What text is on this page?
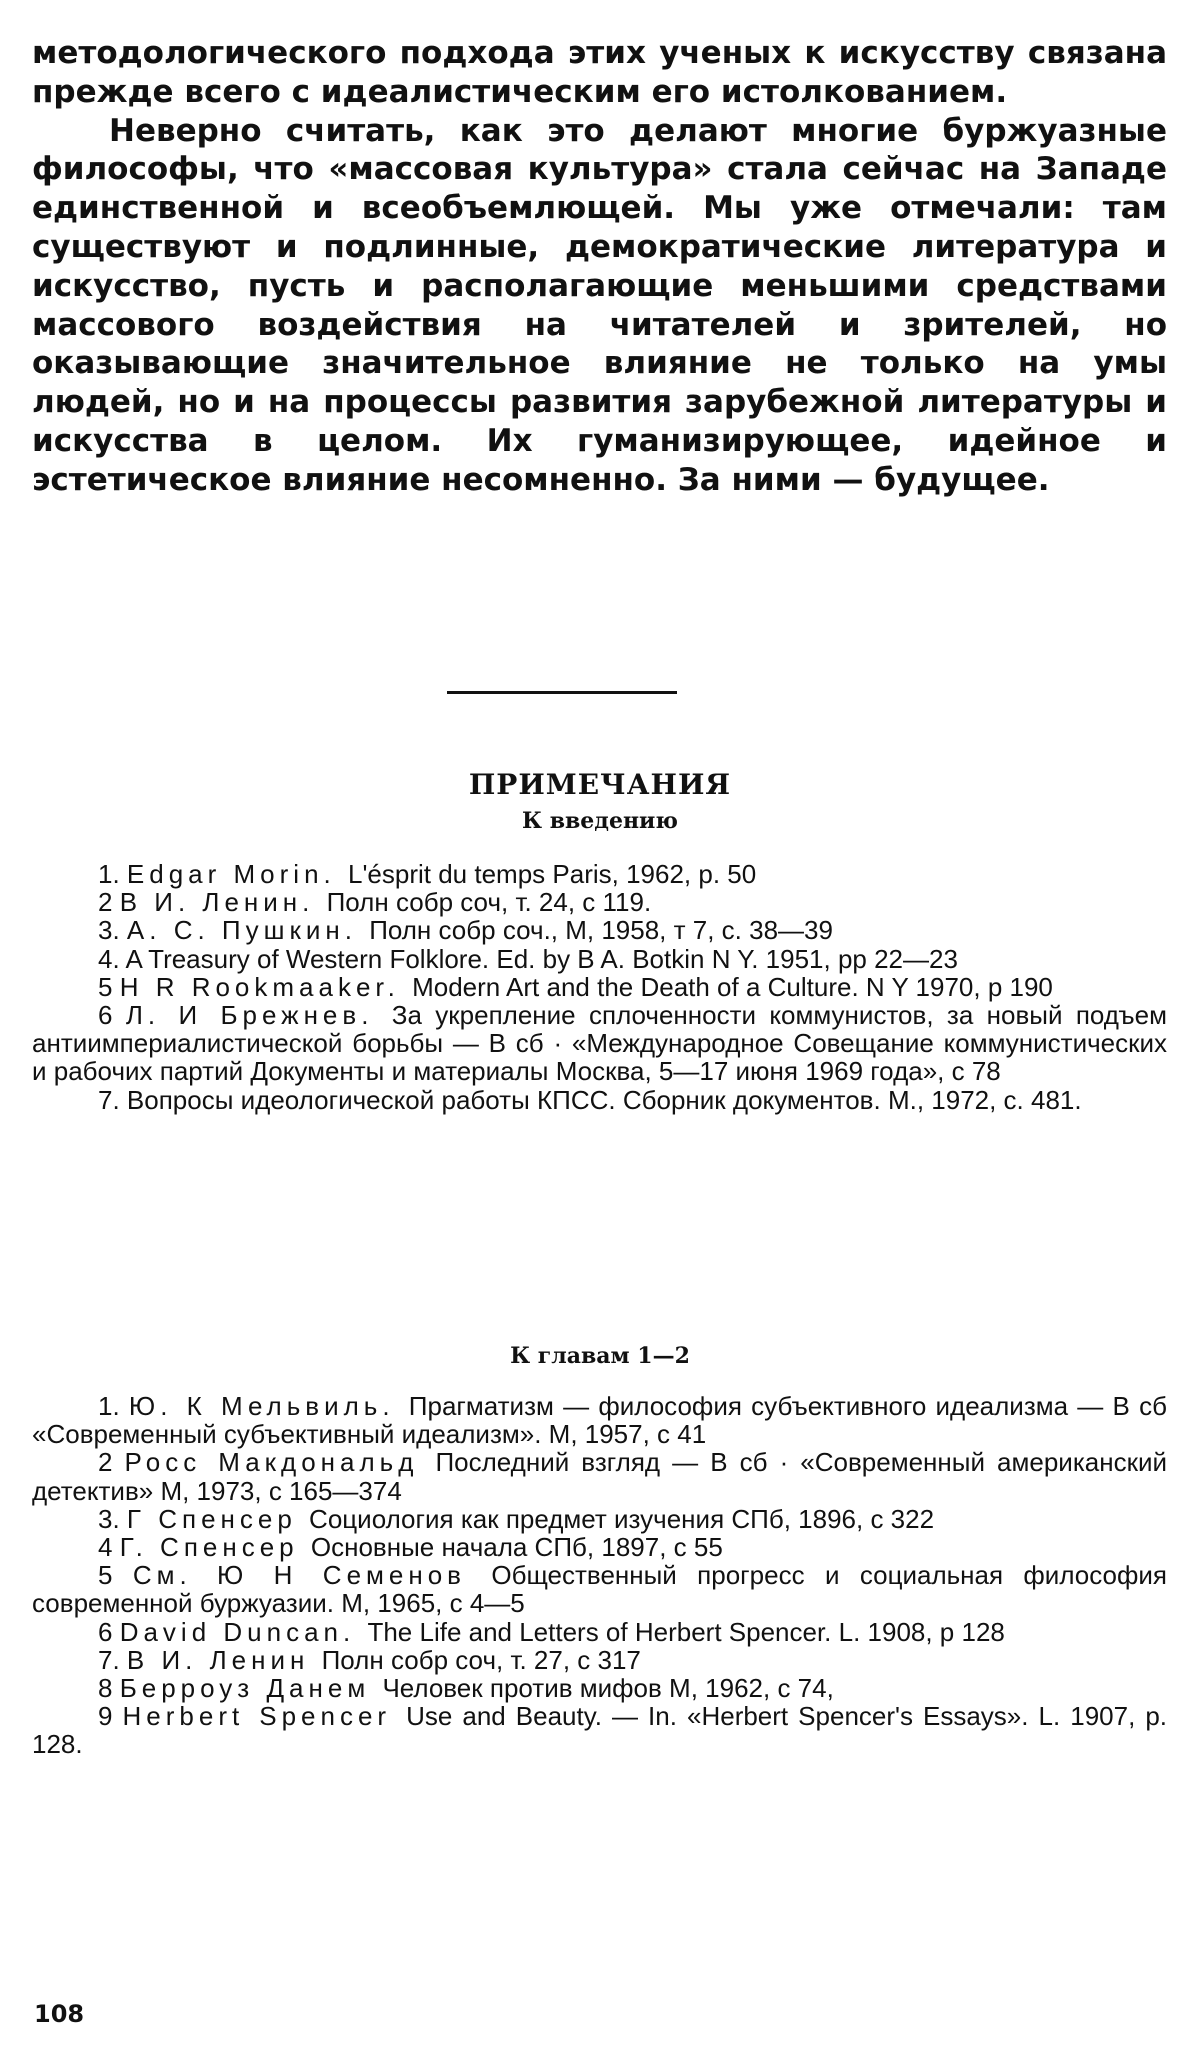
методологического подхода этих ученых к искусству связана прежде всего с идеалистическим его истолкованием.

Неверно считать, как это делают многие буржуазные философы, что «массовая культура» стала сейчас на Западе единственной и всеобъемлющей. Мы уже отмечали: там существуют и подлинные, демократические литература и искусство, пусть и располагающие меньшими средствами массового воздействия на читателей и зрителей, но оказывающие значительное влияние не только на умы людей, но и на процессы развития зарубежной литературы и искусства в целом. Их гуманизирующее, идейное и эстетическое влияние несомненно. За ними — будущее.

ПРИМЕЧАНИЯ
К введению

1. Edgar Morin. L'ésprit du temps Paris, 1962, p. 50

2 В И. Ленин. Полн собр соч, т. 24, с 119.

3. А. С. Пушкин. Полн собр соч., М, 1958, т 7, с. 38—39

4. A Treasury of Western Folklore. Ed. by B A. Botkin N Y. 1951, pp 22—23

5 H R Rookmaaker. Modern Art and the Death of a Culture. N Y 1970, p 190

6 Л. И Брежнев. За укрепление сплоченности коммунистов, за новый подъем антиимпериалистической борьбы — В сб · «Международное Совещание коммунистических и рабочих партий Документы и материалы Москва, 5—17 июня 1969 года», с 78

7. Вопросы идеологической работы КПСС. Сборник документов. М., 1972, с. 481.

К главам 1—2

1. Ю. К Мельвиль. Прагматизм — философия субъективного идеализма — В сб «Современный субъективный идеализм». М, 1957, с 41

2 Росс Макдональд Последний взгляд — В сб · «Современный американский детектив» М, 1973, с 165—374

3. Г Спенсер Социология как предмет изучения СПб, 1896, с 322

4 Г. Спенсер Основные начала СПб, 1897, с 55

5 См. Ю Н Семенов Общественный прогресс и социальная философия современной буржуазии. М, 1965, с 4—5

6 David Duncan. The Life and Letters of Herbert Spencer. L. 1908, p 128

7. В И. Ленин Полн собр соч, т. 27, с 317

8 Берроуз Данем Человек против мифов М, 1962, с 74,

9 Herbert Spencer Use and Beauty. — In. «Herbert Spencer's Essays». L. 1907, p. 128.

108
